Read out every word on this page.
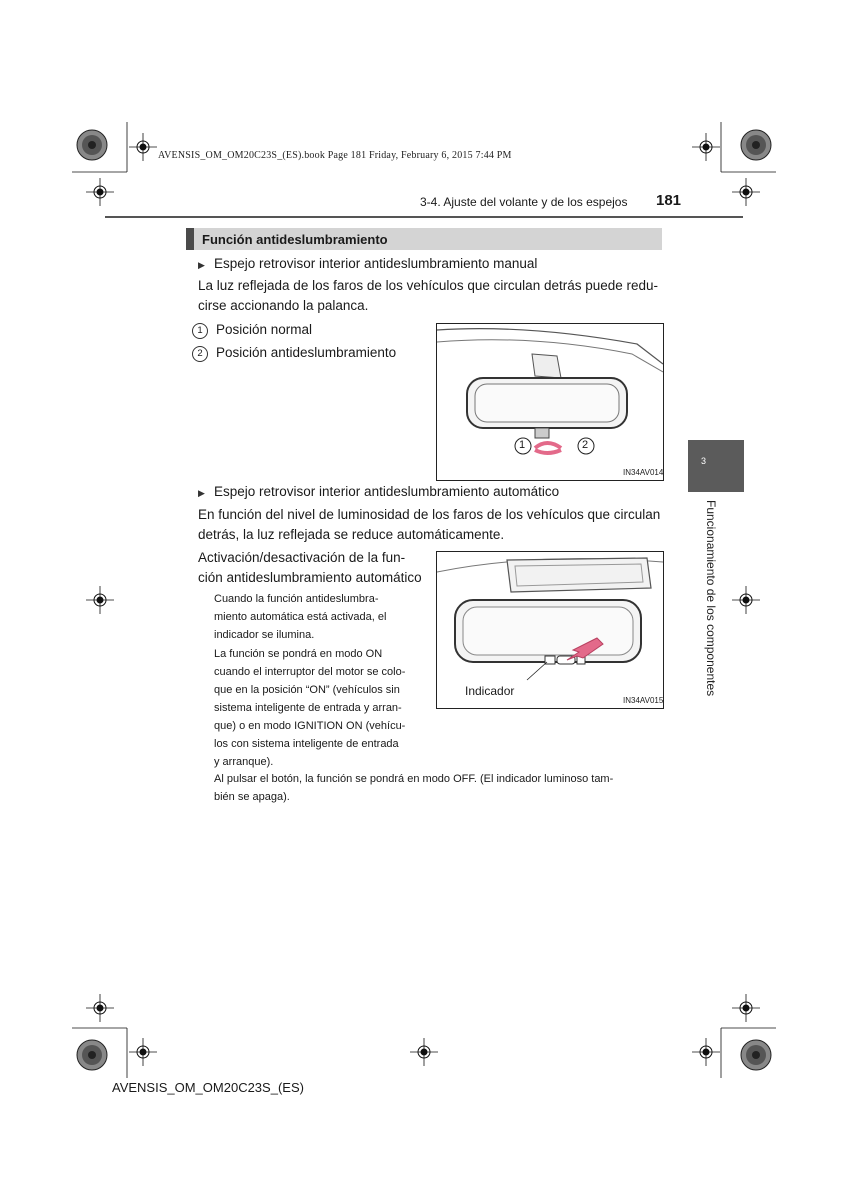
AVENSIS_OM_OM20C23S_(ES).book Page 181 Friday, February 6, 2015 7:44 PM
3-4. Ajuste del volante y de los espejos 181
Función antideslumbramiento
▶ Espejo retrovisor interior antideslumbramiento manual
La luz reflejada de los faros de los vehículos que circulan detrás puede redu-
cirse accionando la palanca.
1 Posición normal
2 Posición antideslumbramiento
1	2
IN34AV014
▶ Espejo retrovisor interior antideslumbramiento automático
En función del nivel de luminosidad de los faros de los vehículos que circulan
detrás, la luz reflejada se reduce automáticamente.
Activación/desactivación de la fun-
ción antideslumbramiento automático
Cuando la función antideslumbra-
miento automática está activada, el
indicador se ilumina.
La función se pondrá en modo ON
cuando el interruptor del motor se colo-
que en la posición “ON” (vehículos sin
sistema inteligente de entrada y arran-
que) o en modo IGNITION ON (vehícu-
los con sistema inteligente de entrada
y arranque).
Al pulsar el botón, la función se pondrá en modo OFF. (El indicador luminoso tam-
bién se apaga).
Indicador
IN34AV015
3
Funcionamiento de los componentes
AVENSIS_OM_OM20C23S_(ES)
